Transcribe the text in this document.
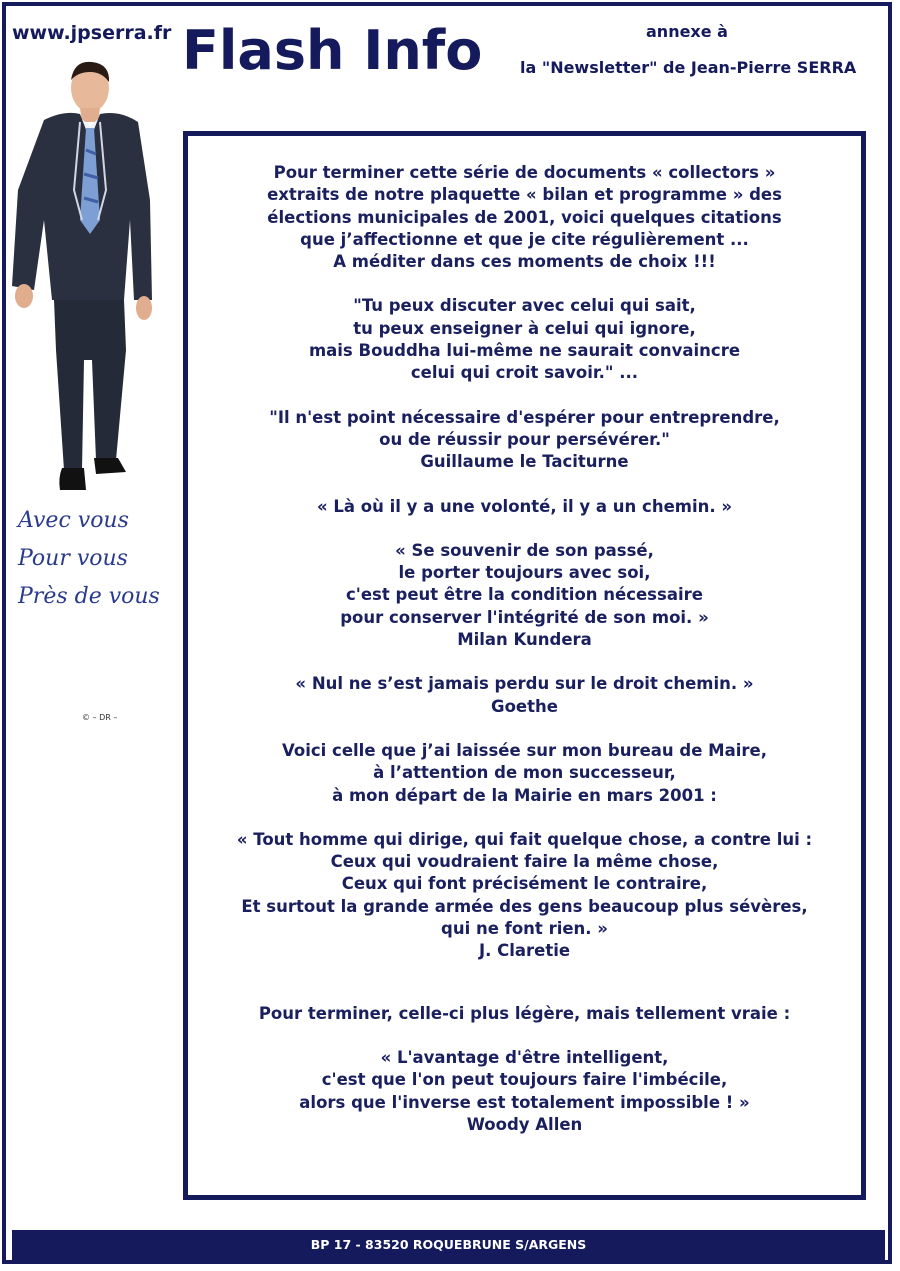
www.jpserra.fr Flash Info	annexe à
la "Newsletter" de Jean-Pierre SERRA
Avec vous
Pour vous
Près de vous
© – DR –

Pour terminer cette série de documents « collectors »
extraits de notre plaquette « bilan et programme » des
élections municipales de 2001, voici quelques citations
que j’affectionne et que je cite régulièrement ...
A méditer dans ces moments de choix !!!

"Tu peux discuter avec celui qui sait,
tu peux enseigner à celui qui ignore,
mais Bouddha lui-même ne saurait convaincre
celui qui croit savoir." ...

"Il n'est point nécessaire d'espérer pour entreprendre,
ou de réussir pour persévérer."
Guillaume le Taciturne

« Là où il y a une volonté, il y a un chemin. »

« Se souvenir de son passé,
le porter toujours avec soi,
c'est peut être la condition nécessaire
pour conserver l'intégrité de son moi. »
Milan Kundera

« Nul ne s’est jamais perdu sur le droit chemin. »
Goethe

Voici celle que j’ai laissée sur mon bureau de Maire,
à l’attention de mon successeur,
à mon départ de la Mairie en mars 2001 :

« Tout homme qui dirige, qui fait quelque chose, a contre lui :
Ceux qui voudraient faire la même chose,
Ceux qui font précisément le contraire,
Et surtout la grande armée des gens beaucoup plus sévères,
qui ne font rien. »
J. Claretie

Pour terminer, celle-ci plus légère, mais tellement vraie :

« L'avantage d'être intelligent,
c'est que l'on peut toujours faire l'imbécile,
alors que l'inverse est totalement impossible ! »
Woody Allen

BP 17 - 83520 ROQUEBRUNE S/ARGENS
